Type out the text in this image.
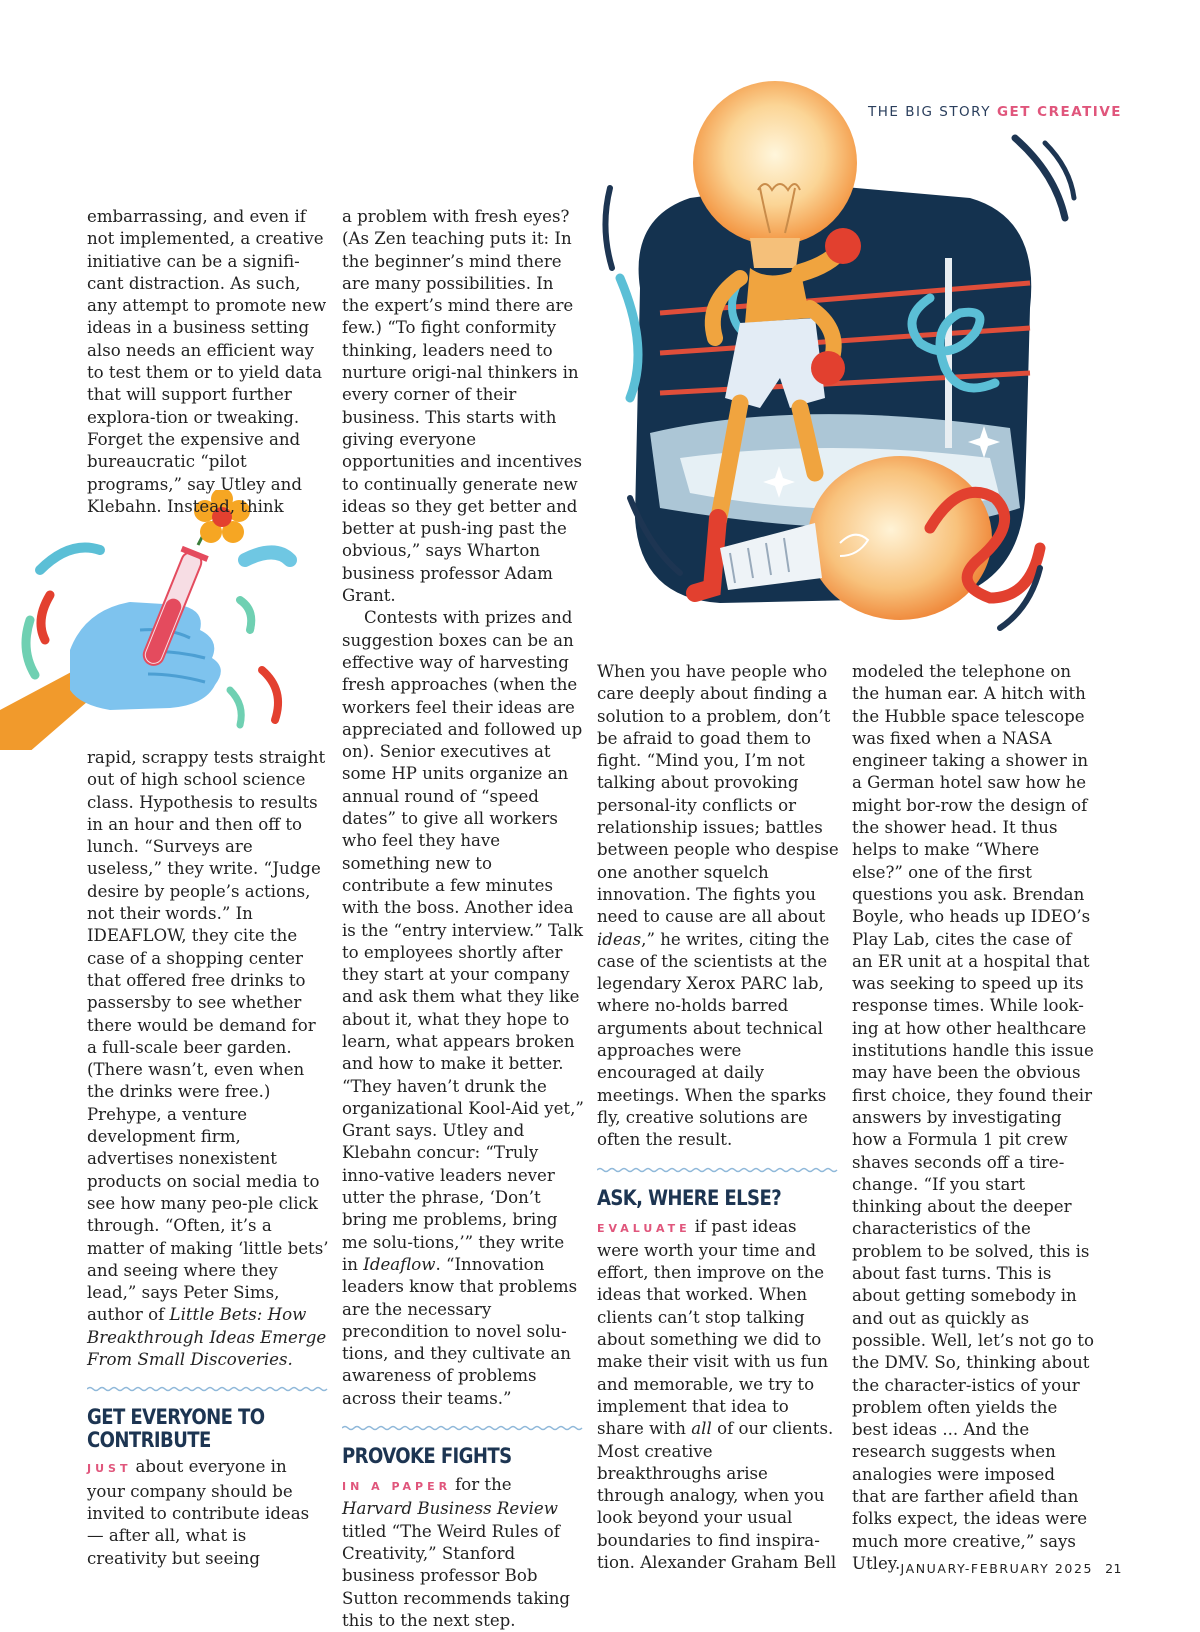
THE BIG STORY GET CREATIVE

embarrassing, and even if not implemented, a creative initiative can be a signifi-cant distraction. As such, any attempt to promote new ideas in a business setting also needs an efficient way to test them or to yield data that will support further explora-tion or tweaking. Forget the expensive and bureaucratic “pilot programs,” say Utley and Klebahn. Instead, think

rapid, scrappy tests straight out of high school science class. Hypothesis to results in an hour and then off to lunch. “Surveys are useless,” they write. “Judge desire by people’s actions, not their words.” In IDEAFLOW, they cite the case of a shopping center that offered free drinks to passersby to see whether there would be demand for a full-scale beer garden. (There wasn’t, even when the drinks were free.) Prehype, a venture development firm, advertises nonexistent products on social media to see how many peo-ple click through. “Often, it’s a matter of making ‘little bets’ and seeing where they lead,” says Peter Sims, author of Little Bets: How Breakthrough Ideas Emerge From Small Discoveries.

GET EVERYONE TO CONTRIBUTE

JUST about everyone in your company should be invited to contribute ideas — after all, what is creativity but seeing

a problem with fresh eyes? (As Zen teaching puts it: In the beginner’s mind there are many possibilities. In the expert’s mind there are few.) “To fight conformity thinking, leaders need to nurture origi-nal thinkers in every corner of their business. This starts with giving everyone opportunities and incentives to continually generate new ideas so they get better and better at push-ing past the obvious,” says Wharton business professor Adam Grant.

Contests with prizes and suggestion boxes can be an effective way of harvesting fresh approaches (when the workers feel their ideas are appreciated and followed up on). Senior executives at some HP units organize an annual round of “speed dates” to give all workers who feel they have something new to contribute a few minutes with the boss. Another idea is the “entry interview.” Talk to employees shortly after they start at your company and ask them what they like about it, what they hope to learn, what appears broken and how to make it better. “They haven’t drunk the organizational Kool-Aid yet,” Grant says. Utley and Klebahn concur: “Truly inno-vative leaders never utter the phrase, ‘Don’t bring me problems, bring me solu-tions,’” they write in Ideaflow. “Innovation leaders know that problems are the necessary precondition to novel solu-tions, and they cultivate an awareness of problems across their teams.”

PROVOKE FIGHTS

IN A PAPER for the Harvard Business Review titled “The Weird Rules of Creativity,” Stanford business professor Bob Sutton recommends taking this to the next step.

When you have people who care deeply about finding a solution to a problem, don’t be afraid to goad them to fight. “Mind you, I’m not talking about provoking personal-ity conflicts or relationship issues; battles between people who despise one another squelch innovation. The fights you need to cause are all about ideas,” he writes, citing the case of the scientists at the legendary Xerox PARC lab, where no-holds barred arguments about technical approaches were encouraged at daily meetings. When the sparks fly, creative solutions are often the result.

ASK, WHERE ELSE?

EVALUATE if past ideas were worth your time and effort, then improve on the ideas that worked. When clients can’t stop talking about something we did to make their visit with us fun and memorable, we try to implement that idea to share with all of our clients. Most creative breakthroughs arise through analogy, when you look beyond your usual boundaries to find inspira-tion. Alexander Graham Bell

modeled the telephone on the human ear. A hitch with the Hubble space telescope was fixed when a NASA engineer taking a shower in a German hotel saw how he might bor-row the design of the shower head. It thus helps to make “Where else?” one of the first questions you ask. Brendan Boyle, who heads up IDEO’s Play Lab, cites the case of an ER unit at a hospital that was seeking to speed up its response times. While look-ing at how other healthcare institutions handle this issue may have been the obvious first choice, they found their answers by investigating how a Formula 1 pit crew shaves seconds off a tire-change. “If you start thinking about the deeper characteristics of the problem to be solved, this is about fast turns. This is about getting somebody in and out as quickly as possible. Well, let’s not go to the DMV. So, thinking about the character-istics of your problem often yields the best ideas ... And the research suggests when analogies were imposed that are farther afield than folks expect, the ideas were much more creative,” says Utley. JANUARY-FEBRUARY 2025 21
